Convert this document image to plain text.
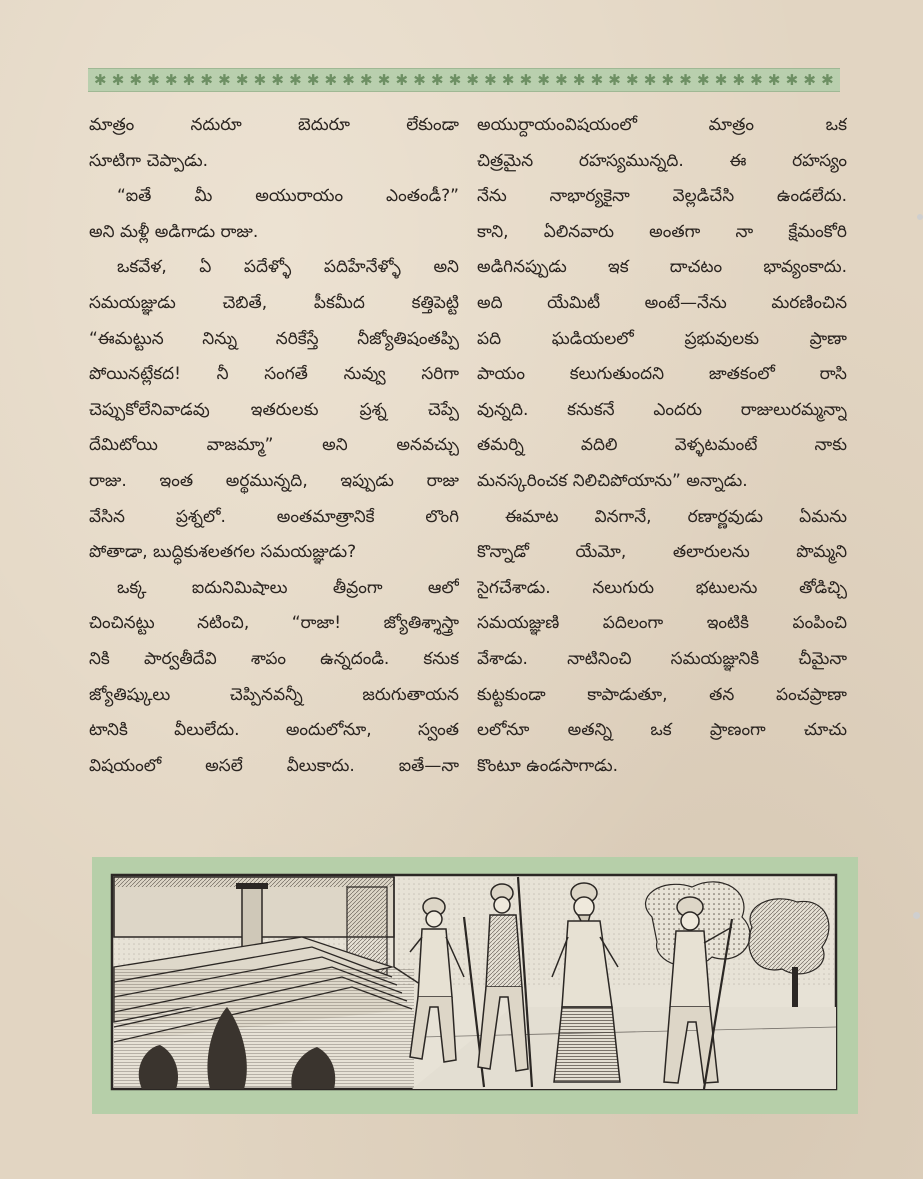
✱ ✱ ✱ ✱ ✱ ✱ ✱ ✱ ✱ ✱ ✱ ✱ ✱ ✱ ✱ ✱ ✱ ✱ ✱ ✱ ✱ ✱ ✱ ✱ ✱ ✱ ✱ ✱ ✱ ✱ ✱ ✱ ✱ ✱ ✱ ✱ ✱ ✱ ✱ ✱ ✱ ✱
మాత్రం నదురూ బెదురూ లేకుండా
సూటిగా చెప్పాడు.
“ఐతే మీ అయురాయం ఎంతండీ?”
అని మళ్లీ అడిగాడు రాజు.
ఒకవేళ, ఏ పదేళ్ళో పదిహేనేళ్ళో అని
సమయజ్ఞుడు చెబితే, పీకమీద కత్తిపెట్టి
“ఈమట్టున నిన్ను నరికేస్తే నీజ్యోతిషంతప్పి
పోయినట్లేకద! నీ సంగతే నువ్వు సరిగా
చెప్పుకోలేనివాడవు ఇతరులకు ప్రశ్న చెప్పే
దేమిటోయి వాజమ్మా” అని అనవచ్చు
రాజు. ఇంత అర్థమున్నది, ఇప్పుడు రాజు
వేసిన ప్రశ్నలో. అంతమాత్రానికే లొంగి
పోతాడా, బుద్ధికుశలతగల సమయజ్ఞుడు?
ఒక్క ఐదునిమిషాలు తీవ్రంగా ఆలో
చించినట్టు నటించి, “రాజా! జ్యోతిశ్శాస్త్రా
నికి పార్వతీదేవి శాపం ఉన్నదండి. కనుక
జ్యోతిష్కులు చెప్పినవన్నీ జరుగుతాయన
టానికి వీలులేదు. అందులోనూ, స్వంత
విషయంలో అసలే వీలుకాదు. ఐతే—నా
అయుర్దాయంవిషయంలో మాత్రం ఒక
చిత్రమైన రహస్యమున్నది. ఈ రహస్యం
నేను నాభార్యకైనా వెల్లడిచేసి ఉండలేదు.
కాని, ఏలినవారు అంతగా నా క్షేమంకోరి
అడిగినప్పుడు ఇక దాచటం భావ్యంకాదు.
అది యేమిటీ అంటే—నేను మరణించిన
పది ఘడియలలో ప్రభువులకు ప్రాణా
పాయం కలుగుతుందని జాతకంలో రాసి
వున్నది. కనుకనే ఎందరు రాజులురమ్మన్నా
తమర్ని వదిలి వెళ్ళటమంటే నాకు
మనస్కరించక నిలిచిపోయాను” అన్నాడు.
ఈమాట వినగానే, రణార్ణవుడు ఏమను
కొన్నాడో యేమో, తలారులను పొమ్మని
సైగచేశాడు. నలుగురు భటులను తోడిచ్చి
సమయజ్ఞుణి పదిలంగా ఇంటికి పంపించి
వేశాడు. నాటినించి సమయజ్ఞునికి చీమైనా
కుట్టకుండా కాపాడుతూ, తన పంచప్రాణా
లలోనూ అతన్ని ఒక ప్రాణంగా చూచు
కొంటూ ఉండసాగాడు.
